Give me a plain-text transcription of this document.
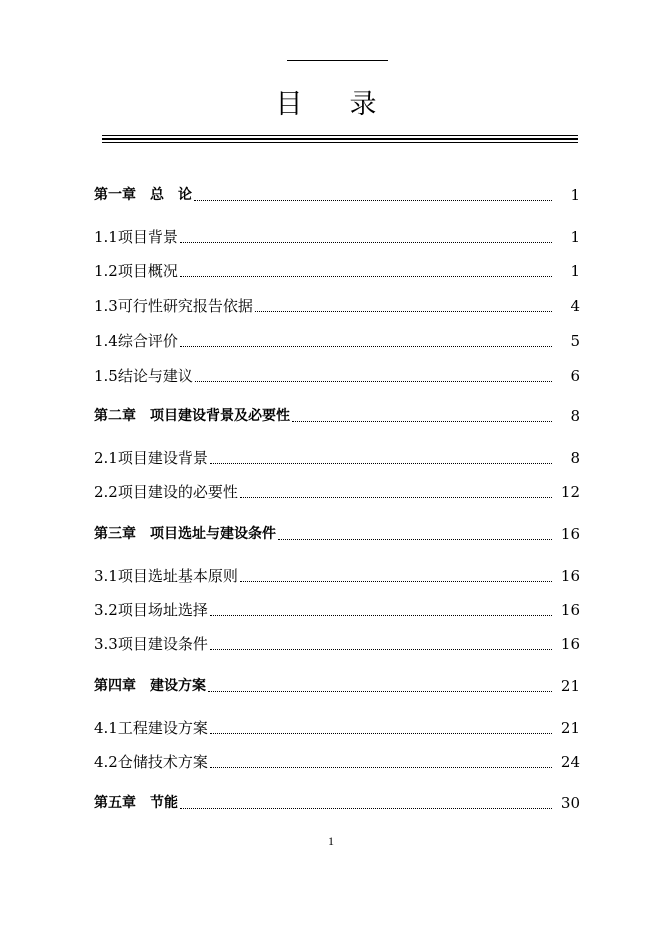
目　录
第一章　总　论	1
1.1项目背景	1
1.2项目概况	1
1.3可行性研究报告依据	4
1.4综合评价	5
1.5结论与建议	6
第二章　项目建设背景及必要性	8
2.1项目建设背景	8
2.2项目建设的必要性	12
第三章　项目选址与建设条件	16
3.1项目选址基本原则	16
3.2项目场址选择	16
3.3项目建设条件	16
第四章　建设方案	21
4.1工程建设方案	21
4.2仓储技术方案	24
第五章　节能	30
1
